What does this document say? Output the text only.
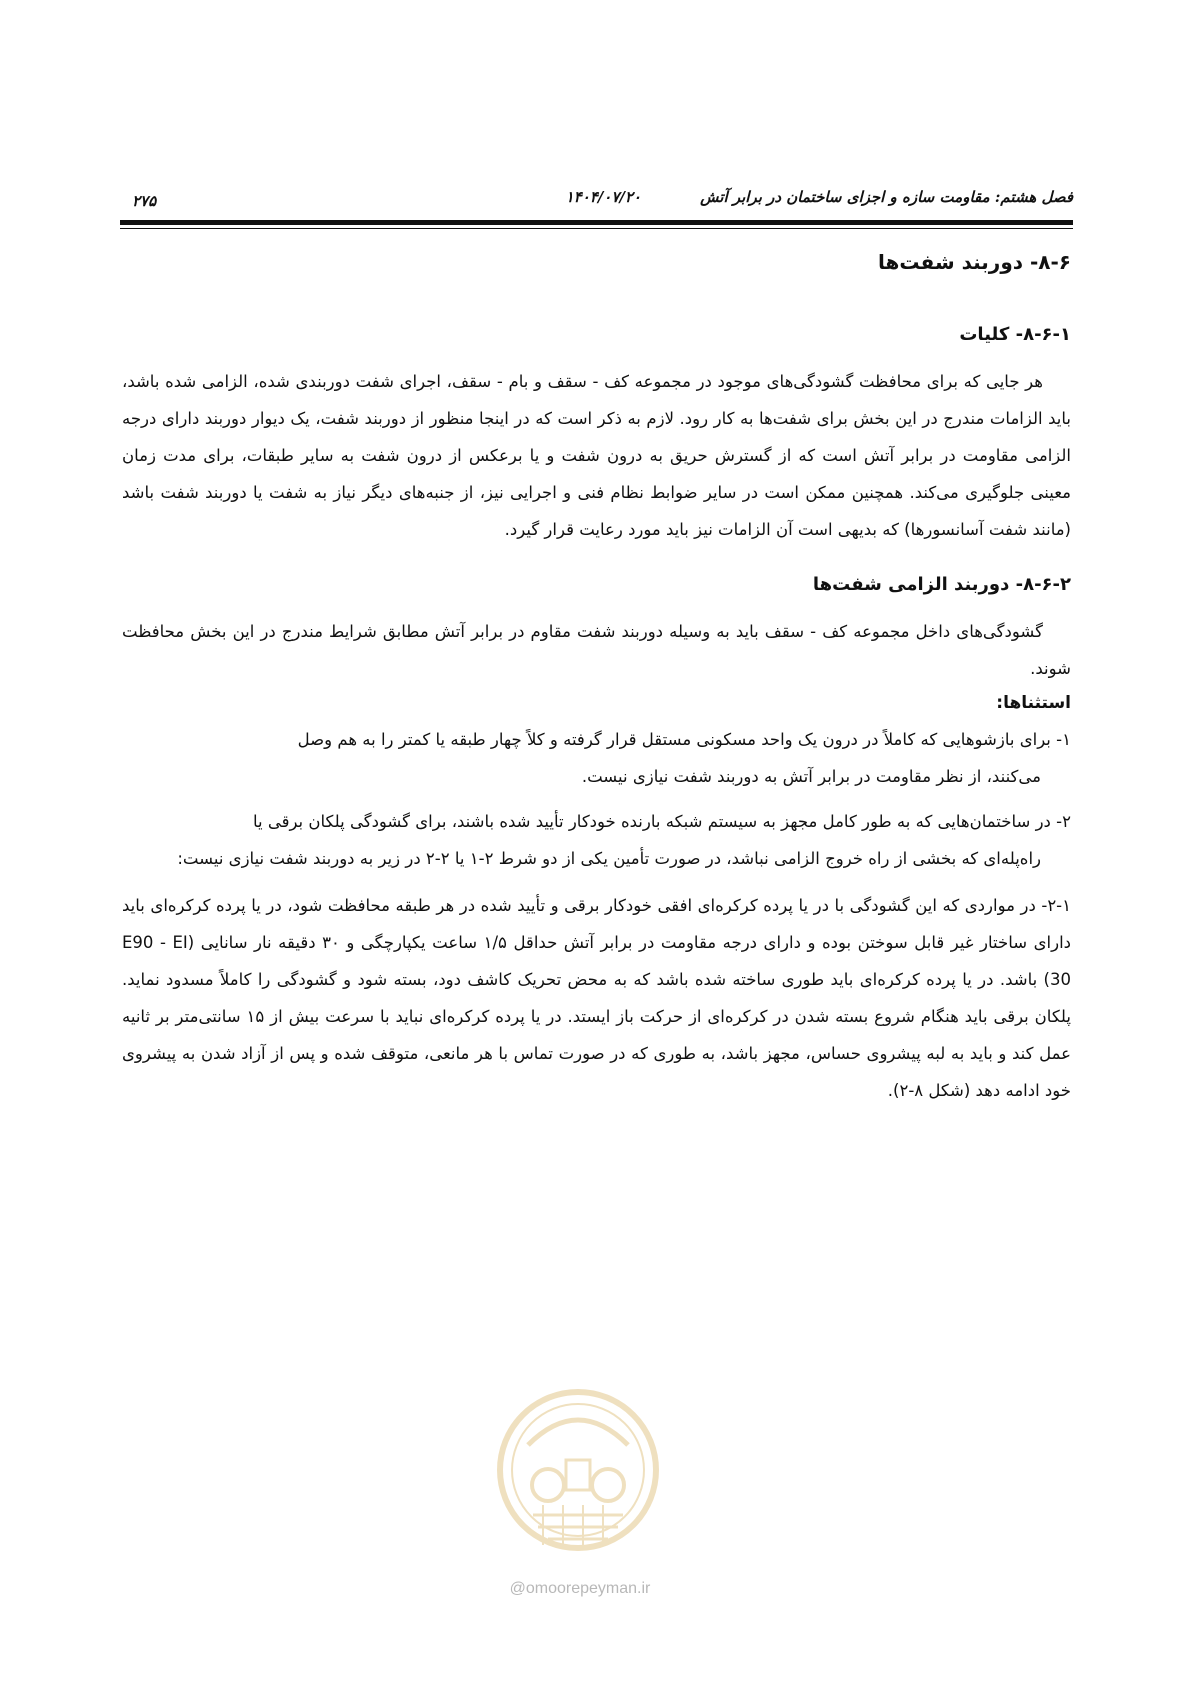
فصل هشتم: مقاومت سازه و اجزای ساختمان در برابر آتش
۱۴۰۴/۰۷/۲۰
۲۷۵
۸-۶- دوربند شفت‌ها
۸-۶-۱- کلیات

هر جایی که برای محافظت گشودگی‌های موجود در مجموعه کف - سقف و بام - سقف، اجرای شفت دوربندی شده، الزامی شده باشد، باید الزامات مندرج در این بخش برای شفت‌ها به کار رود. لازم به ذکر است که در اینجا منظور از دوربند شفت، یک دیوار دوربند دارای درجه الزامی مقاومت در برابر آتش است که از گسترش حریق به درون شفت و یا برعکس از درون شفت به سایر طبقات، برای مدت زمان معینی جلوگیری می‌کند. همچنین ممکن است در سایر ضوابط نظام فنی و اجرایی نیز، از جنبه‌های دیگر نیاز به شفت یا دوربند شفت باشد (مانند شفت آسانسورها) که بدیهی است آن الزامات نیز باید مورد رعایت قرار گیرد.

۸-۶-۲- دوربند الزامی شفت‌ها

گشودگی‌های داخل مجموعه کف - سقف باید به وسیله دوربند شفت مقاوم در برابر آتش مطابق شرایط مندرج در این بخش محافظت شوند.

استثناها:

۱- برای بازشوهایی که کاملاً در درون یک واحد مسکونی مستقل قرار گرفته و کلاً چهار طبقه یا کمتر را به هم وصل
می‌کنند، از نظر مقاومت در برابر آتش به دوربند شفت نیازی نیست.

۲- در ساختمان‌هایی که به طور کامل مجهز به سیستم شبکه بارنده خودکار تأیید شده باشند، برای گشودگی پلکان برقی یا
راه‌پله‌ای که بخشی از راه خروج الزامی نباشد، در صورت تأمین یکی از دو شرط ۲-۱ یا ۲-۲ در زیر به دوربند شفت نیازی نیست:

۲-۱- در مواردی که این گشودگی با در یا پرده کرکره‌ای افقی خودکار برقی و تأیید شده در هر طبقه محافظت شود، در یا پرده کرکره‌ای باید دارای ساختار غیر قابل سوختن بوده و دارای درجه مقاومت در برابر آتش حداقل ۱/۵ ساعت یکپارچگی و ۳۰ دقیقه نار سانایی (E90 - EI 30) باشد. در یا پرده کرکره‌ای باید طوری ساخته شده باشد که به محض تحریک کاشف دود، بسته شود و گشودگی را کاملاً مسدود نماید. پلکان برقی باید هنگام شروع بسته شدن در کرکره‌ای از حرکت باز ایستد. در یا پرده کرکره‌ای نباید با سرعت بیش از ۱۵ سانتی‌متر بر ثانیه عمل کند و باید به لبه پیشروی حساس، مجهز باشد، به طوری که در صورت تماس با هر مانعی، متوقف شده و پس از آزاد شدن به پیشروی خود ادامه دهد (شکل ۸-۲).

@omoorepeyman.ir
